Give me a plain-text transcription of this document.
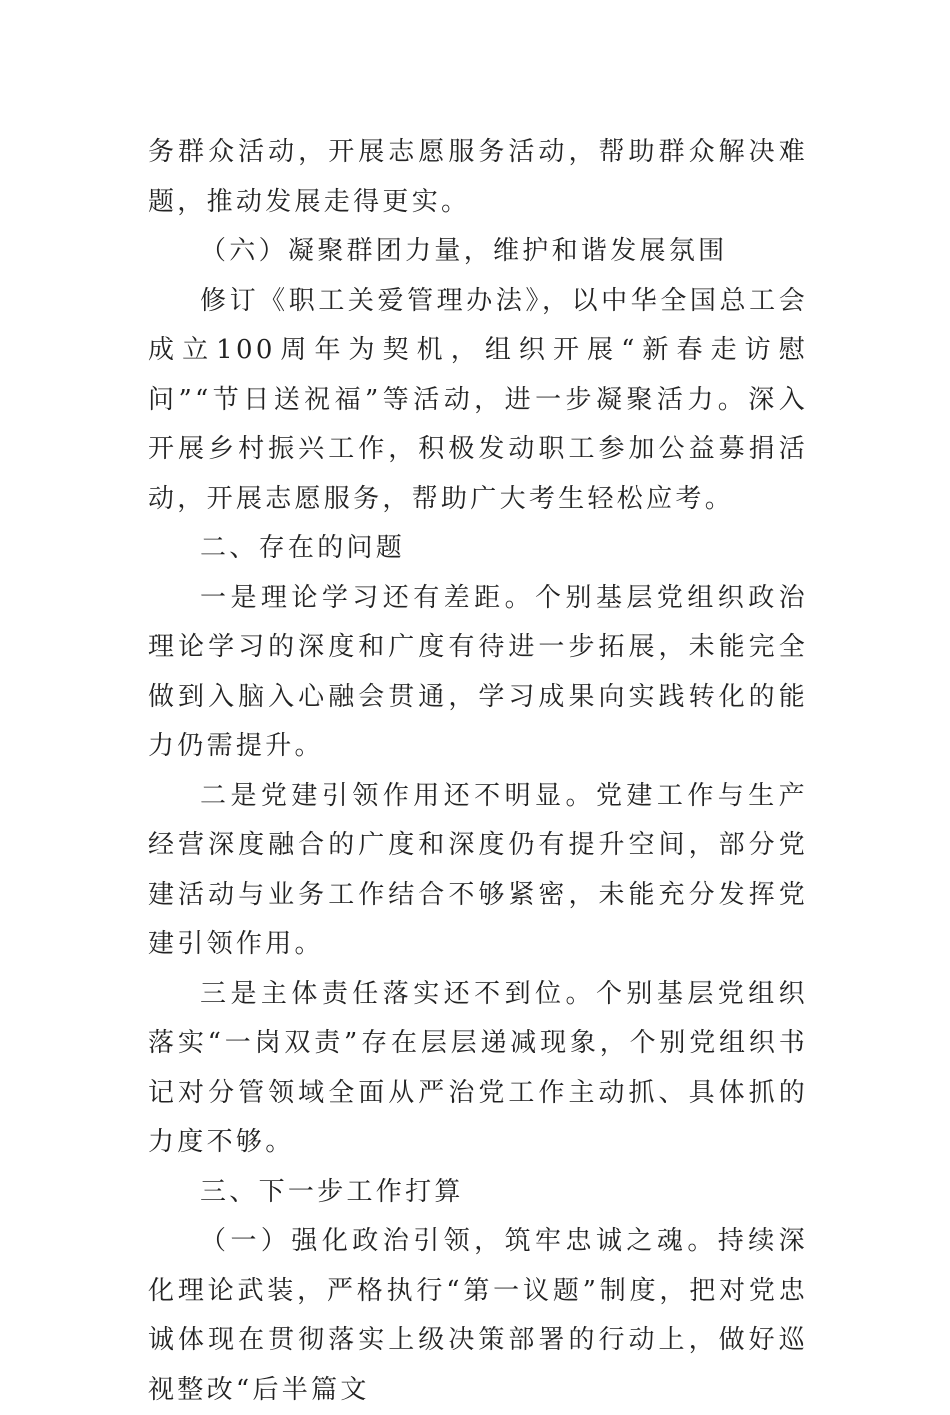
务群众活动，开展志愿服务活动，帮助群众解决难题，推动发展走得更实。
（六）凝聚群团力量，维护和谐发展氛围
修订《职工关爱管理办法》，以中华全国总工会成立100周年为契机，组织开展“新春走访慰问”“节日送祝福”等活动，进一步凝聚活力。深入开展乡村振兴工作，积极发动职工参加公益募捐活动，开展志愿服务，帮助广大考生轻松应考。
二、存在的问题
一是理论学习还有差距。个别基层党组织政治理论学习的深度和广度有待进一步拓展，未能完全做到入脑入心融会贯通，学习成果向实践转化的能力仍需提升。
二是党建引领作用还不明显。党建工作与生产经营深度融合的广度和深度仍有提升空间，部分党建活动与业务工作结合不够紧密，未能充分发挥党建引领作用。
三是主体责任落实还不到位。个别基层党组织落实“一岗双责”存在层层递减现象，个别党组织书记对分管领域全面从严治党工作主动抓、具体抓的力度不够。
三、下一步工作打算
（一）强化政治引领，筑牢忠诚之魂。持续深化理论武装，严格执行“第一议题”制度，把对党忠诚体现在贯彻落实上级决策部署的行动上，做好巡视整改“后半篇文
